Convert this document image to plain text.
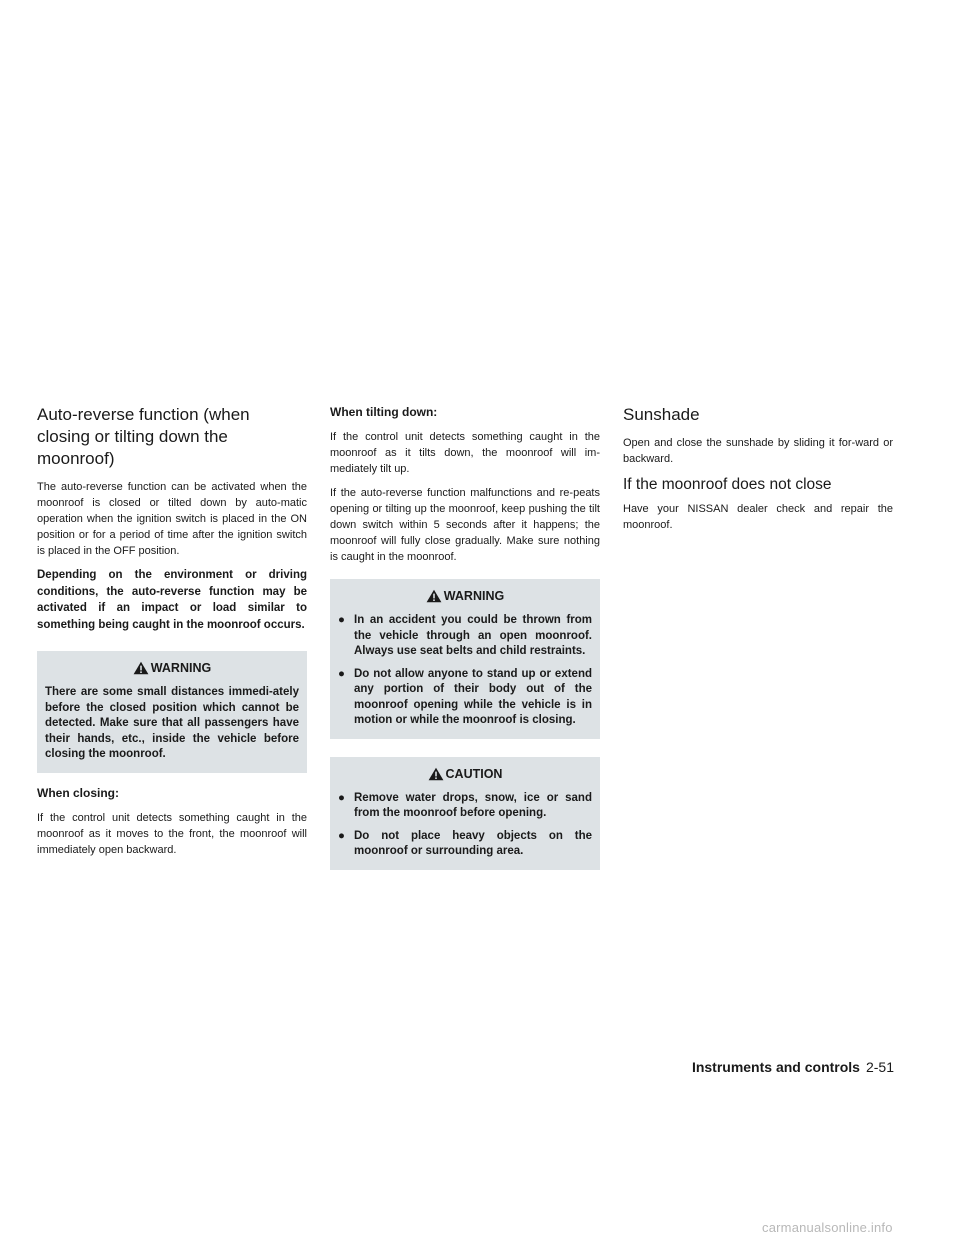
Auto-reverse function (when closing or tilting down the moonroof)

The auto-reverse function can be activated when the moonroof is closed or tilted down by auto-matic operation when the ignition switch is placed in the ON position or for a period of time after the ignition switch is placed in the OFF position.

Depending on the environment or driving conditions, the auto-reverse function may be activated if an impact or load similar to something being caught in the moonroof occurs.

WARNING

There are some small distances immedi-ately before the closed position which cannot be detected. Make sure that all passengers have their hands, etc., inside the vehicle before closing the moonroof.

When closing:

If the control unit detects something caught in the moonroof as it moves to the front, the moonroof will immediately open backward.

When tilting down:

If the control unit detects something caught in the moonroof as it tilts down, the moonroof will im-mediately tilt up.

If the auto-reverse function malfunctions and re-peats opening or tilting up the moonroof, keep pushing the tilt down switch within 5 seconds after it happens; the moonroof will fully close gradually. Make sure nothing is caught in the moonroof.

WARNING
● In an accident you could be thrown from the vehicle through an open moonroof. Always use seat belts and child restraints.
● Do not allow anyone to stand up or extend any portion of their body out of the moonroof opening while the vehicle is in motion or while the moonroof is closing.
CAUTION
● Remove water drops, snow, ice or sand from the moonroof before opening.
● Do not place heavy objects on the moonroof or surrounding area.
Sunshade

Open and close the sunshade by sliding it for-ward or backward.

If the moonroof does not close

Have your NISSAN dealer check and repair the moonroof.

Instruments and controls 2-51
carmanualsonline.info
